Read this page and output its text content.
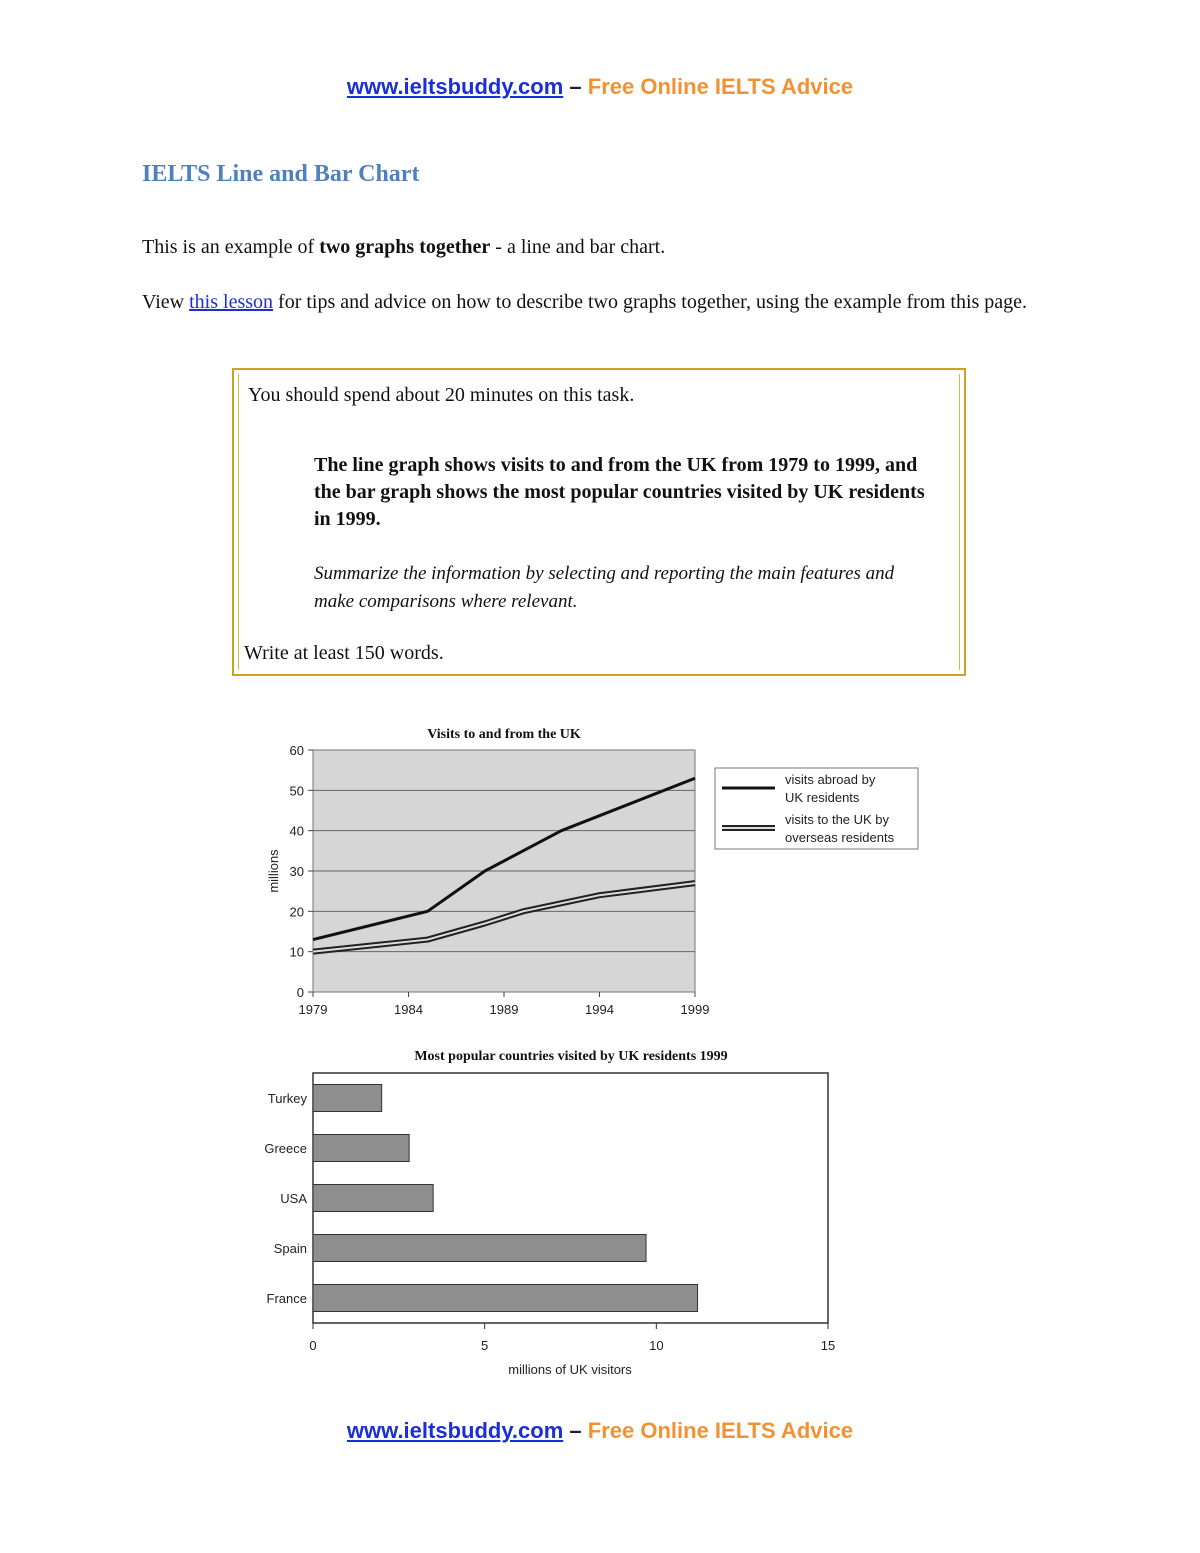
www.ieltsbuddy.com – Free Online IELTS Advice
IELTS Line and Bar Chart

This is an example of two graphs together - a line and bar chart.

View this lesson for tips and advice on how to describe two graphs together, using the example from this page.

You should spend about 20 minutes on this task.

The line graph shows visits to and from the UK from 1979 to 1999, and the bar graph shows the most popular countries visited by UK residents in 1999.

Summarize the information by selecting and reporting the main features and make comparisons where relevant.

Write at least 150 words.

Visits to and from the UK
0
10
20
30
40
50
60
1979	1984	1989	1994	1999
millions
visits abroad by UK residents
visits to the UK by overseas residents
Most popular countries visited by UK residents 1999
Turkey
Greece
USA
Spain
France
0	5	10	15
millions of UK visitors
www.ieltsbuddy.com – Free Online IELTS Advice
